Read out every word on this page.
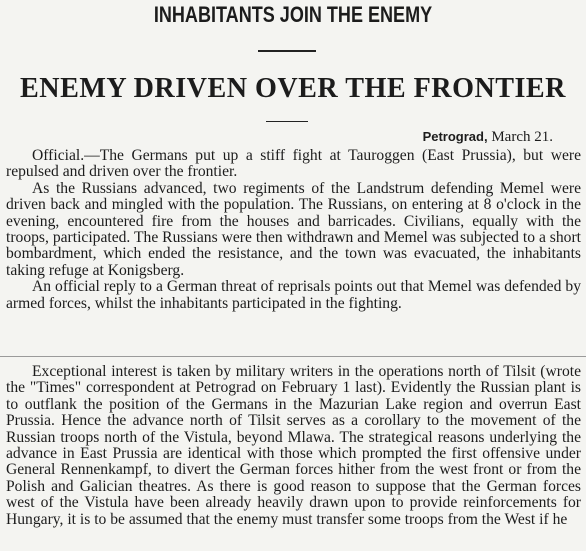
INHABITANTS JOIN THE ENEMY
ENEMY DRIVEN OVER THE FRONTIER
Petrograd, March 21.

Official.—The Germans put up a stiff fight at Tauroggen (East Prussia), but were repulsed and driven over the frontier.

As the Russians advanced, two regiments of the Landstrum defending Memel were driven back and mingled with the population. The Russians, on entering at 8 o'clock in the evening, encountered fire from the houses and barricades. Civilians, equally with the troops, participated. The Russians were then withdrawn and Memel was subjected to a short bombardment, which ended the resistance, and the town was evacuated, the inhabitants taking refuge at Konigsberg.

An official reply to a German threat of reprisals points out that Memel was defended by armed forces, whilst the inhabitants participated in the fighting.

Exceptional interest is taken by military writers in the operations north of Tilsit (wrote the "Times" correspondent at Petrograd on February 1 last). Evidently the Russian plant is to outflank the position of the Germans in the Mazurian Lake region and overrun East Prussia. Hence the advance north of Tilsit serves as a corollary to the movement of the Russian troops north of the Vistula, beyond Mlawa. The strategical reasons underlying the advance in East Prussia are identical with those which prompted the first offensive under General Rennenkampf, to divert the German forces hither from the west front or from the Polish and Galician theatres. As there is good reason to suppose that the German forces west of the Vistula have been already heavily drawn upon to provide reinforcements for Hungary, it is to be assumed that the enemy must transfer some troops from the West if he
